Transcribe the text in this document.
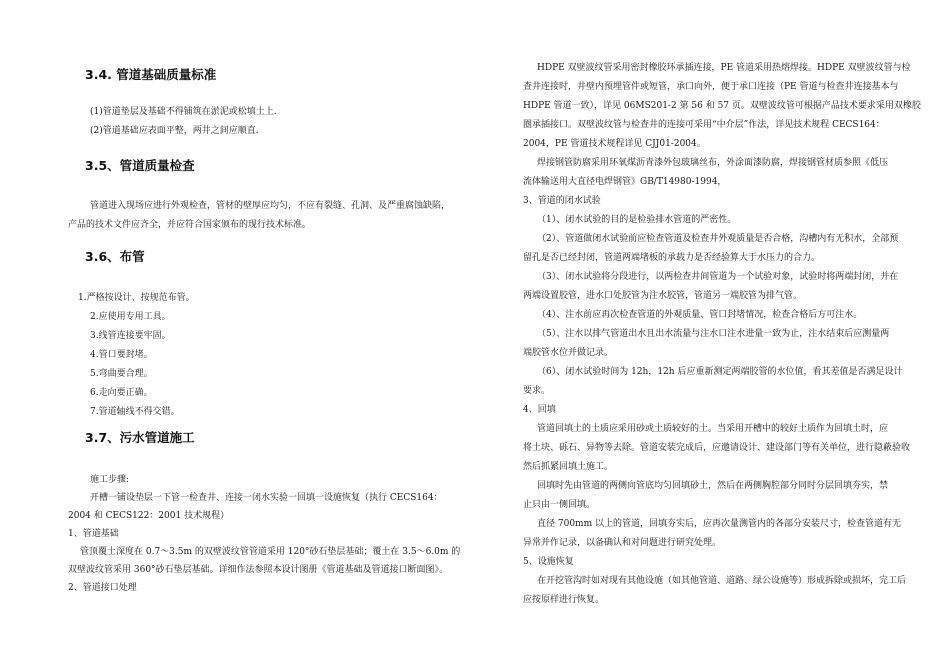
3.4. 管道基础质量标准
(1)管道垫层及基础不得铺筑在淤泥或松填土上.
(2)管道基础应表面平整，两井之间应顺直.
3.5、管道质量检查
管道进入现场应进行外观检查，管材的壁厚应均匀，不应有裂缝、孔洞、及严重腐蚀缺陷，
产品的技术文件应齐全，并应符合国家颁布的现行技术标准。
3.6、布管
1.严格按设计、按规范布管。
2.应使用专用工具。
3.线管连接要牢固。
4.管口要封堵。
5.弯曲要合理。
6.走向要正确。
7.管道轴线不得交错。
3.7、污水管道施工
施工步骤:
开槽一铺设垫层一下管一检查井、连接一闭水实验一回填一设施恢复（执行 CECS164：
2004 和 CECS122：2001 技术规程）
1、管道基础
管顶覆土深度在 0.7～3.5m 的双壁波纹管管道采用 120°砂石垫层基础；覆土在 3.5～6.0m 的
双壁波纹管采用 360°砂石垫层基础。详细作法参照本设计图册《管道基础及管道接口断面图》。
2、管道接口处理
HDPE 双壁波纹管采用密封橡胶环承插连接，PE 管道采用热熔焊接。HDPE 双壁波纹管与检
查井连接时，井壁内预埋管件或短管，承口向外，便于承口连接（PE 管道与检查井连接基本与
HDPE 管道一致），详见 06MS201-2 第 56 和 57 页。双壁波纹管可根据产品技术要求采用双橡胶
圈承插接口。双壁波纹管与检查井的连接可采用“中介层”作法，详见技术规程 CECS164：
2004，PE 管道技术规程详见 CJJ01-2004。
焊接钢管防腐采用环氧煤沥青漆外包玻璃丝布，外涂面漆防腐，焊接钢管材质参照《低压
流体输送用大直径电焊钢管》GB/T14980-1994，
3、管道的闭水试验
（1）、闭水试验的目的是检验排水管道的严密性。
（2）、管道做闭水试验前应检查管道及检查井外观质量是否合格，沟槽内有无积水，全部预
留孔是否已经封闭，管道两端堵板的承载力是否经验算大于水压力的合力。
（3）、闭水试验将分段进行，以两检查井间管道为一个试验对象，试验时将两端封闭，并在
两端设置胶管，进水口处胶管为注水胶管，管道另一端胶管为排气管。
（4）、注水前应再次检查管道的外观质量、管口封堵情况，检查合格后方可注水。
（5）、注水以排气管道出水且出水流量与注水口注水进量一致为止，注水结束后应测量两
端胶管水位并做记录。
（6）、闭水试验时间为 12h，12h 后应重新测定两端胶管的水位值，看其差值是否满足设计
要求。
4、回填
管道回填土的土质应采用砂或土质较好的土。当采用开槽中的较好土质作为回填土时，应
将土块、砾石、异物等去除。管道安装完成后，应邀请设计、建设部门等有关单位，进行隐蔽验收
然后抓紧回填土施工。
回填时先由管道的两侧向管底均匀回填砂土，然后在两侧胸腔部分同时分层回填夯实，禁
止只由一侧回填。
直径 700mm 以上的管道，回填夯实后，应再次量测管内的各部分安装尺寸，检查管道有无
异常并作记录，以备确认和对问题进行研究处理。
5、设施恢复
在开挖管沟时如对现有其他设施（如其他管道、道路、绿公设施等）形成拆除或损坏，完工后
应按原样进行恢复。
